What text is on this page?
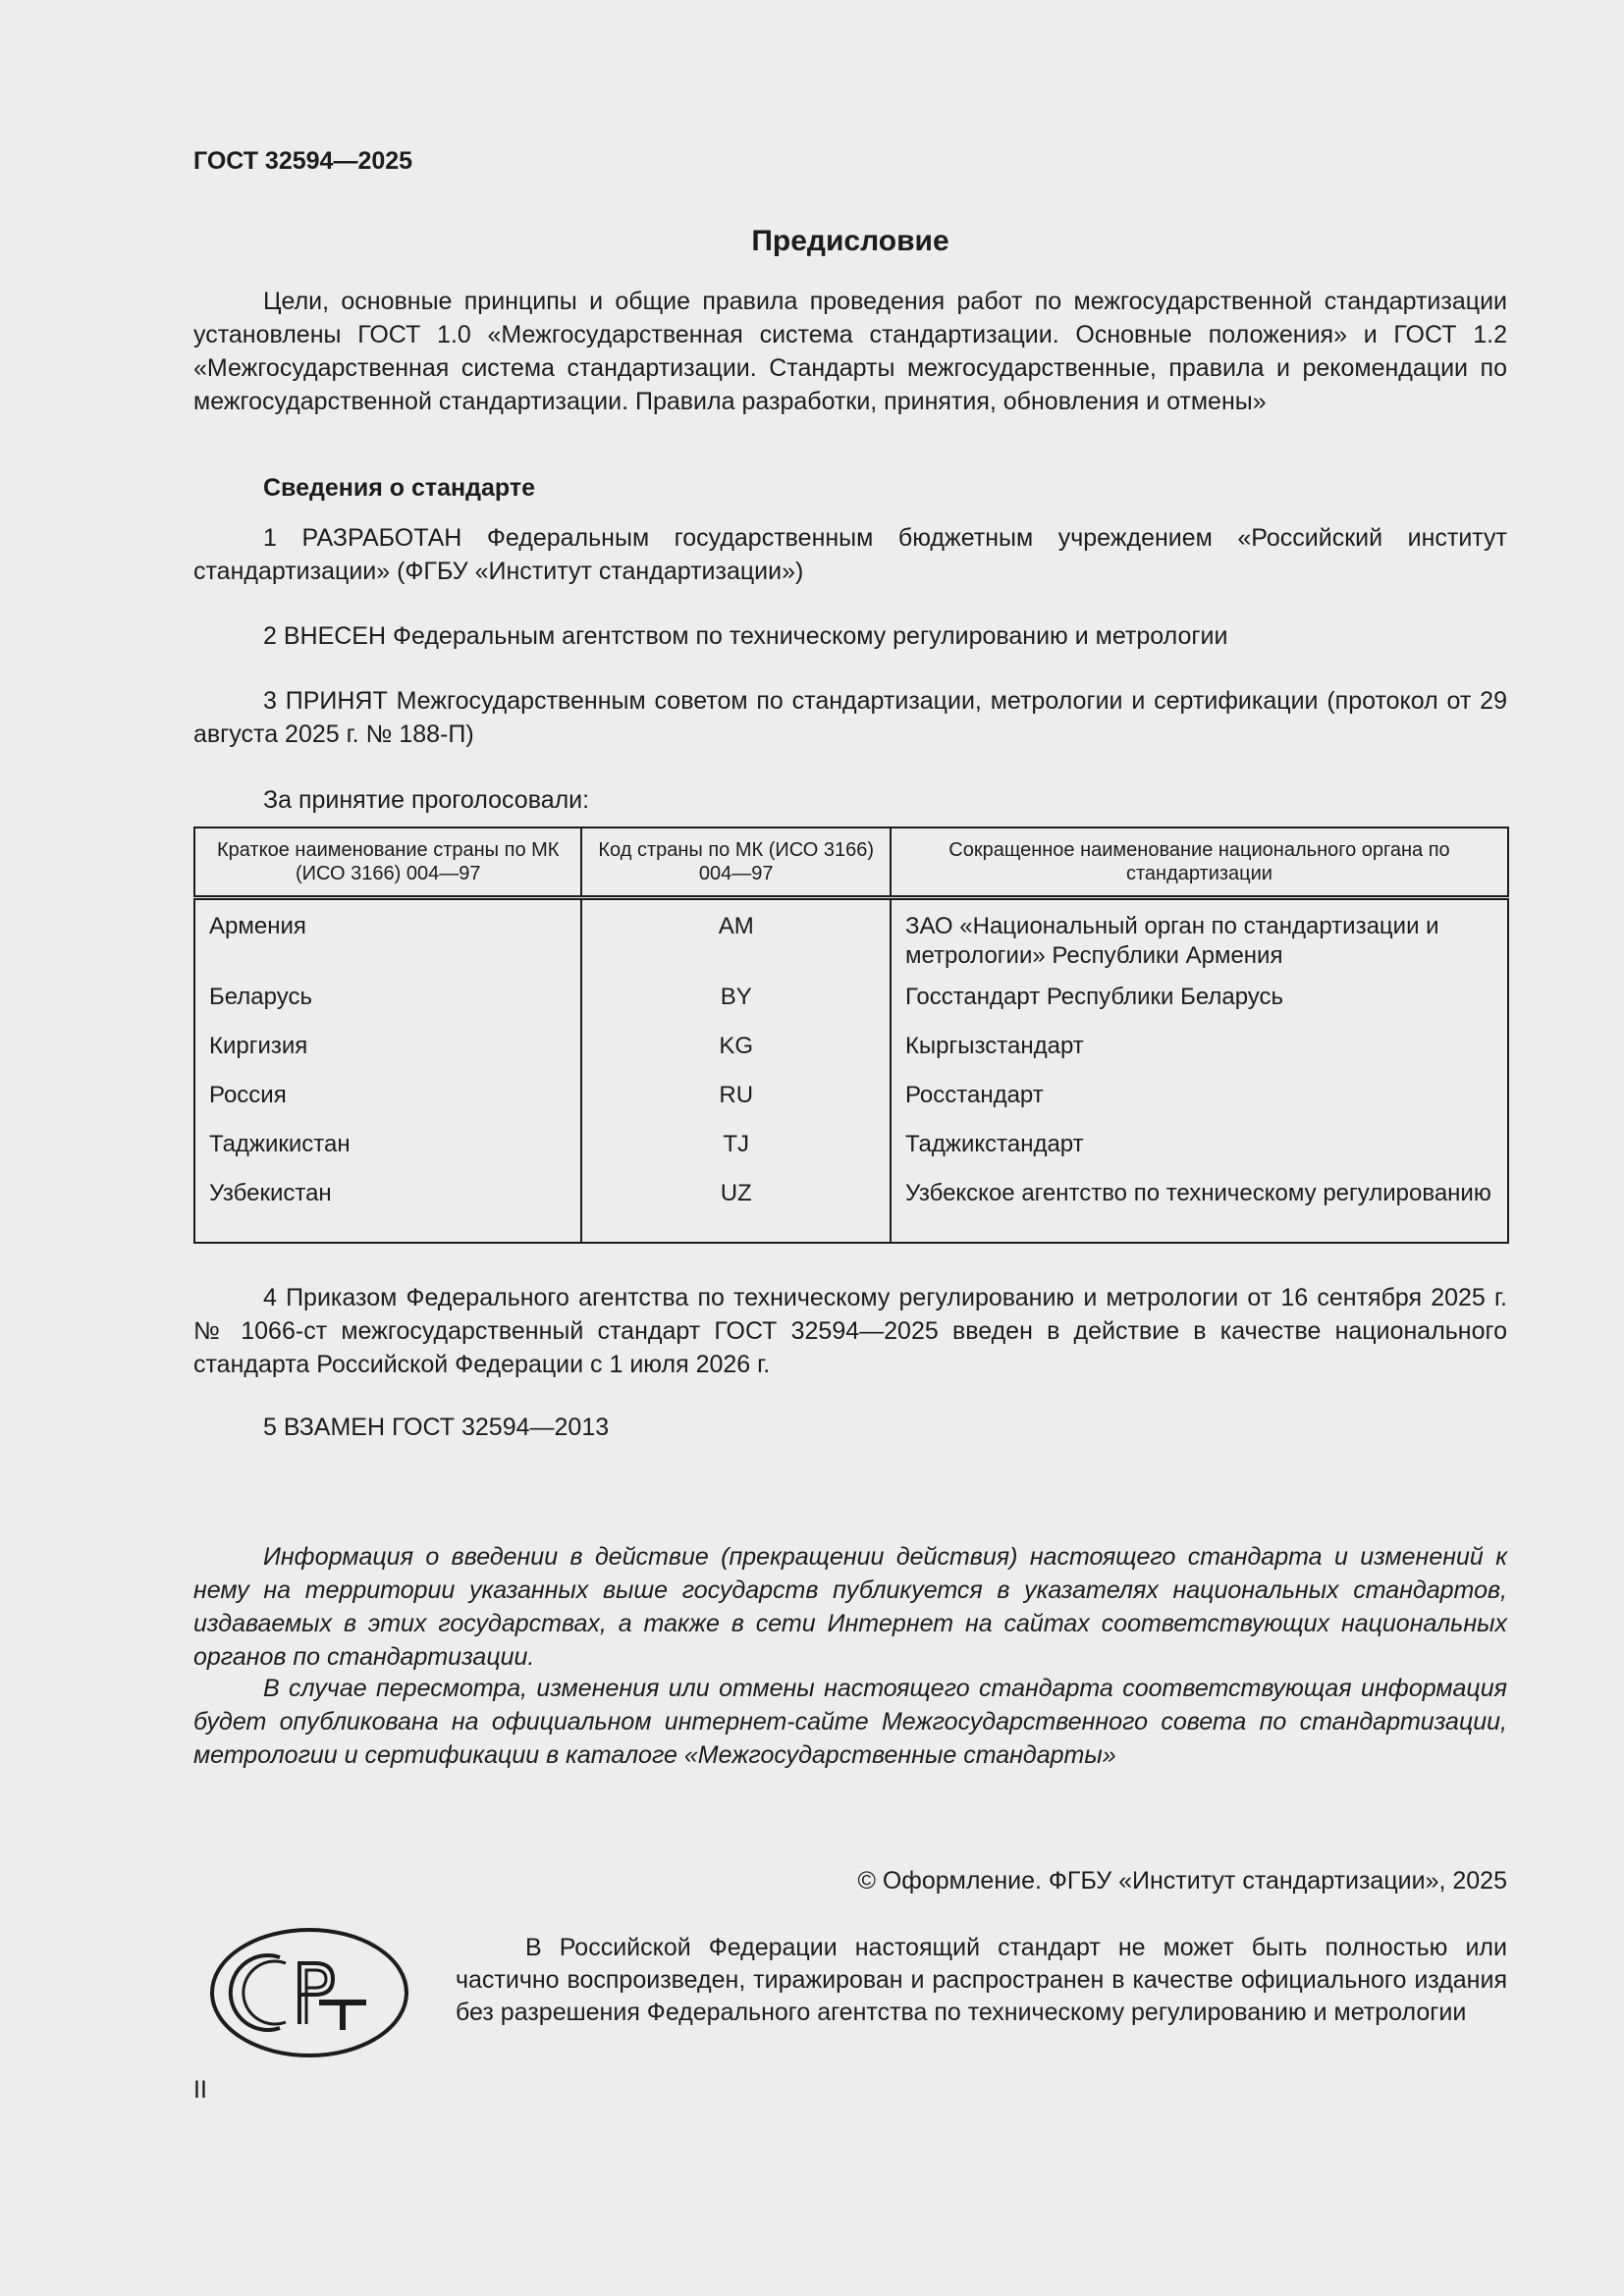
ГОСТ 32594—2025
Предисловие
Цели, основные принципы и общие правила проведения работ по межгосударственной стандартизации установлены ГОСТ 1.0 «Межгосударственная система стандартизации. Основные положения» и ГОСТ 1.2 «Межгосударственная система стандартизации. Стандарты межгосударственные, правила и рекомендации по межгосударственной стандартизации. Правила разработки, принятия, обновления и отмены»
Сведения о стандарте
1 РАЗРАБОТАН Федеральным государственным бюджетным учреждением «Российский институт стандартизации» (ФГБУ «Институт стандартизации»)
2 ВНЕСЕН Федеральным агентством по техническому регулированию и метрологии
3 ПРИНЯТ Межгосударственным советом по стандартизации, метрологии и сертификации (протокол от 29 августа 2025 г. № 188-П)
За принятие проголосовали:
Краткое наименование страны по МК (ИСО 3166) 004—97	Код страны по МК (ИСО 3166) 004—97	Сокращенное наименование национального органа по стандартизации
Армения	AM	ЗАО «Национальный орган по стандартизации и метрологии» Республики Армения
Беларусь	BY	Госстандарт Республики Беларусь
Киргизия	KG	Кыргызстандарт
Россия	RU	Росстандарт
Таджикистан	TJ	Таджикстандарт
Узбекистан	UZ	Узбекское агентство по техническому регулированию
4 Приказом Федерального агентства по техническому регулированию и метрологии от 16 сентября 2025 г. № 1066-ст межгосударственный стандарт ГОСТ 32594—2025 введен в действие в качестве национального стандарта Российской Федерации с 1 июля 2026 г.
5 ВЗАМЕН ГОСТ 32594—2013
Информация о введении в действие (прекращении действия) настоящего стандарта и изменений к нему на территории указанных выше государств публикуется в указателях национальных стандартов, издаваемых в этих государствах, а также в сети Интернет на сайтах соответствующих национальных органов по стандартизации.
В случае пересмотра, изменения или отмены настоящего стандарта соответствующая информация будет опубликована на официальном интернет-сайте Межгосударственного совета по стандартизации, метрологии и сертификации в каталоге «Межгосударственные стандарты»
© Оформление. ФГБУ «Институт стандартизации», 2025
В Российской Федерации настоящий стандарт не может быть полностью или частично воспроизведен, тиражирован и распространен в качестве официального издания без разрешения Федерального агентства по техническому регулированию и метрологии
II
